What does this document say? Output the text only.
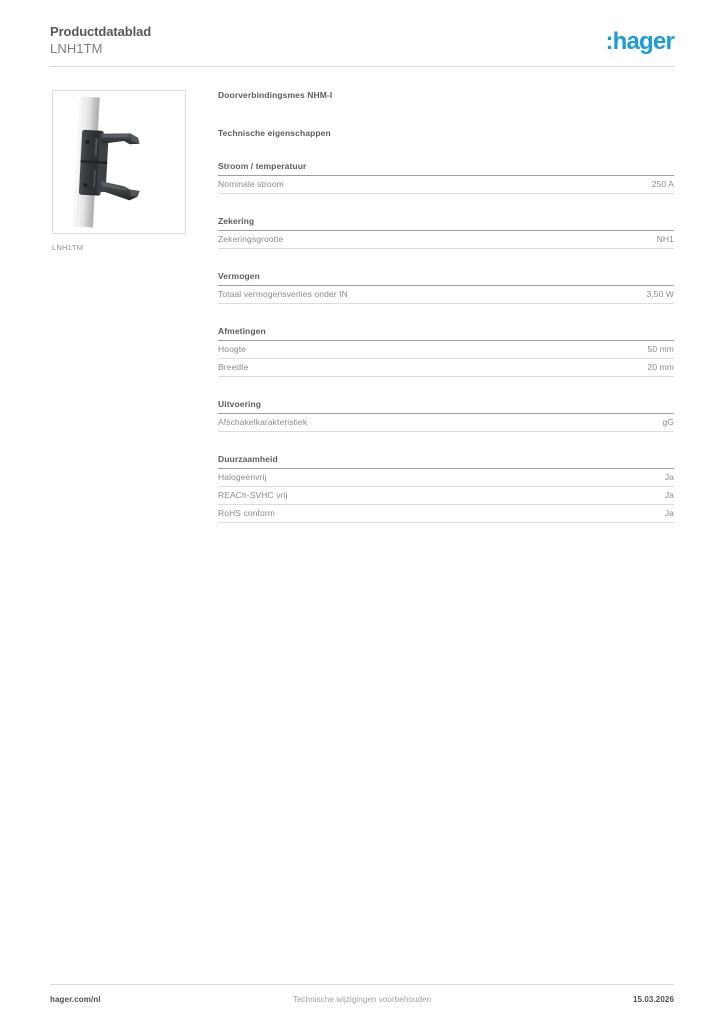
Productdatablad
LNH1TM	:hager
LNH1TM
Doorverbindingsmes NHM-I
Technische eigenschappen
Stroom / temperatuur
Nominale stroom	250 A
Zekering
Zekeringsgrootte	NH1
Vermogen
Totaal vermogensverlies onder IN	3,50 W
Afmetingen
Hoogte	50 mm
Breedte	20 mm
Uitvoering
Afschakelkarakteristiek	gG
Duurzaamheid
Halogeenvrij	Ja
REACh-SVHC vrij	Ja
RoHS conform	Ja
Technische wijzigingen voorbehouden
hager.com/nl	15.03.2026
